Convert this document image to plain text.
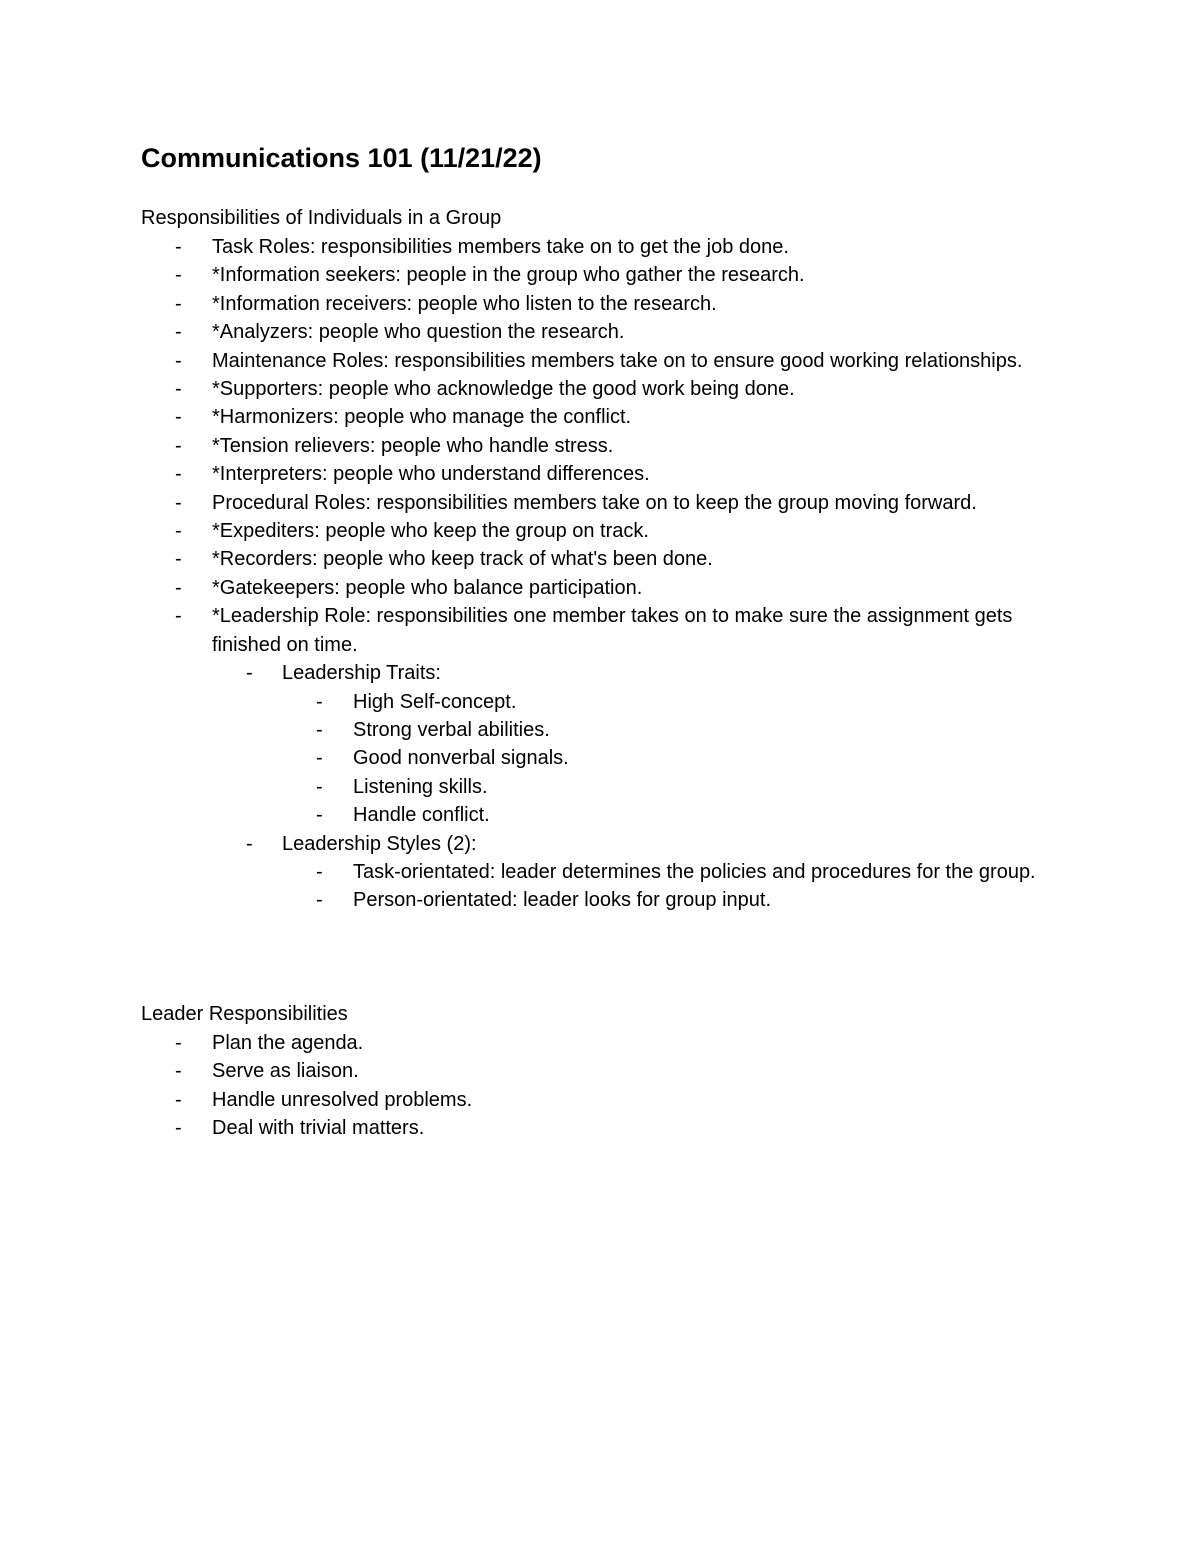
Communications 101 (11/21/22)

Responsibilities of Individuals in a Group

- Task Roles: responsibilities members take on to get the job done.
- *Information seekers: people in the group who gather the research.
- *Information receivers: people who listen to the research.
- *Analyzers: people who question the research.
- Maintenance Roles: responsibilities members take on to ensure good working relationships.
- *Supporters: people who acknowledge the good work being done.
- *Harmonizers: people who manage the conflict.
- *Tension relievers: people who handle stress.
- *Interpreters: people who understand differences.
- Procedural Roles: responsibilities members take on to keep the group moving forward.
- *Expediters: people who keep the group on track.
- *Recorders: people who keep track of what's been done.
- *Gatekeepers: people who balance participation.
- *Leadership Role: responsibilities one member takes on to make sure the assignment gets finished on time.
- Leadership Traits:
- High Self-concept.
- Strong verbal abilities.
- Good nonverbal signals.
- Listening skills.
- Handle conflict.
- Leadership Styles (2):
- Task-orientated: leader determines the policies and procedures for the group.
- Person-orientated: leader looks for group input.

Leader Responsibilities

- Plan the agenda.
- Serve as liaison.
- Handle unresolved problems.
- Deal with trivial matters.
